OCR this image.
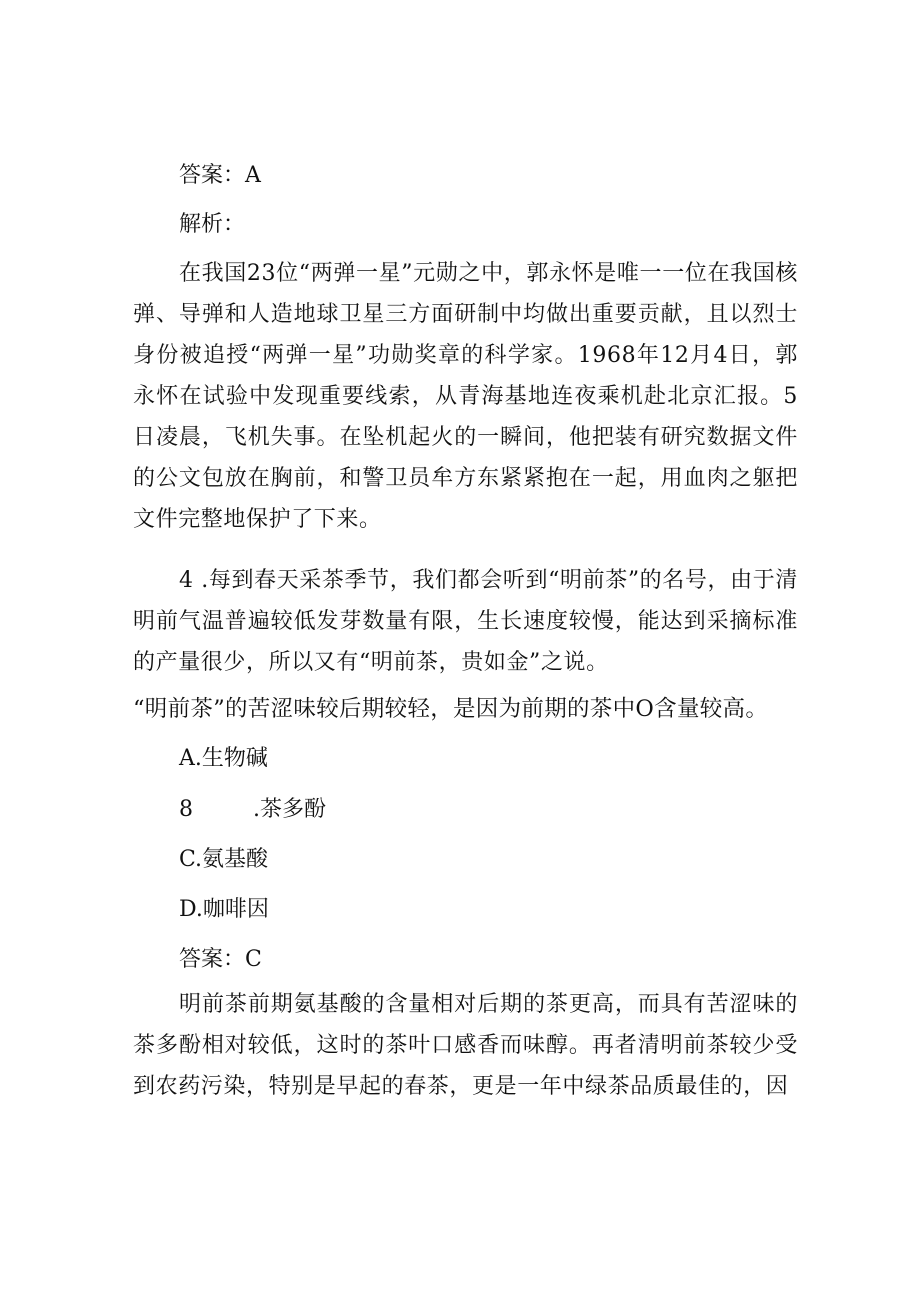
答案：A
解析：
在我国23位“两弹一星”元勋之中，郭永怀是唯一一位在我国核弹、导弹和人造地球卫星三方面研制中均做出重要贡献，且以烈士身份被追授“两弹一星”功勋奖章的科学家。1968年12月4日，郭永怀在试验中发现重要线索，从青海基地连夜乘机赴北京汇报。5日凌晨，飞机失事。在坠机起火的一瞬间，他把装有研究数据文件的公文包放在胸前，和警卫员牟方东紧紧抱在一起，用血肉之躯把文件完整地保护了下来。
4 .每到春天采茶季节，我们都会听到“明前茶”的名号，由于清明前气温普遍较低发芽数量有限，生长速度较慢，能达到采摘标准的产量很少，所以又有“明前茶，贵如金”之说。
“明前茶”的苦涩味较后期较轻，是因为前期的茶中O含量较高。
A.生物碱
8	.茶多酚
C.氨基酸
D.咖啡因
答案：C
明前茶前期氨基酸的含量相对后期的茶更高，而具有苦涩味的茶多酚相对较低，这时的茶叶口感香而味醇。再者清明前茶较少受到农药污染，特别是早起的春茶，更是一年中绿茶品质最佳的，因
